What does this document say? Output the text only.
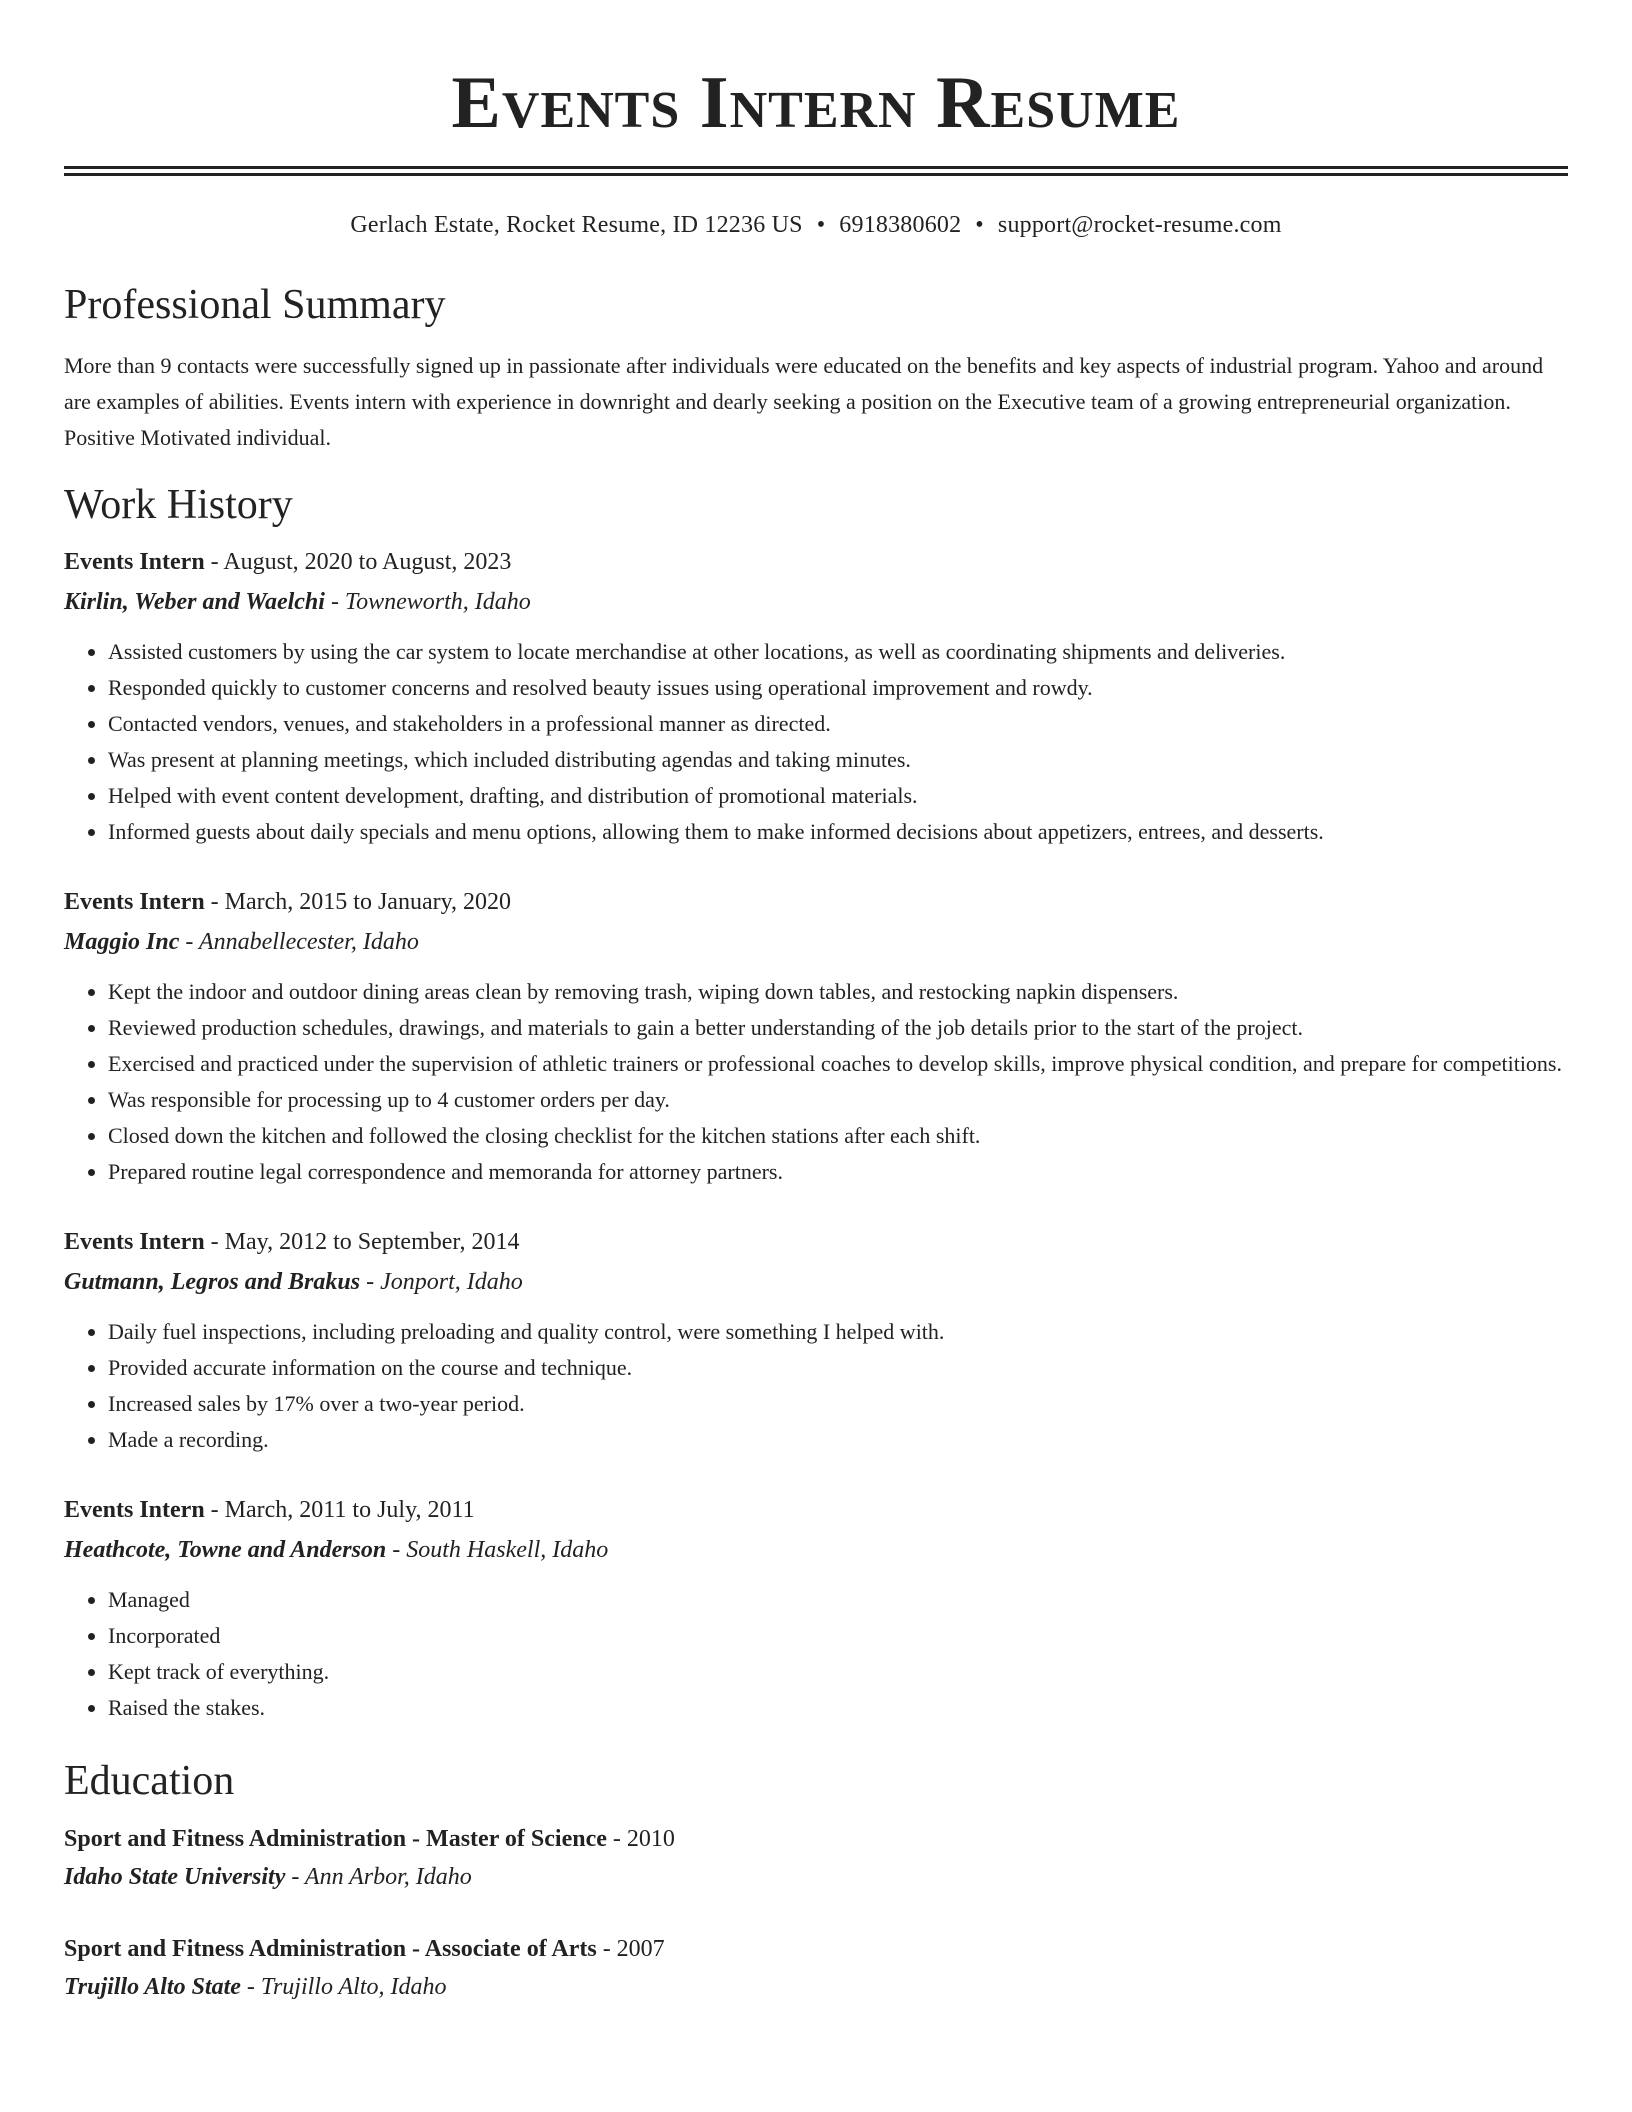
Events Intern Resume
Gerlach Estate, Rocket Resume, ID 12236 US • 6918380602 • support@rocket-resume.com
Professional Summary
More than 9 contacts were successfully signed up in passionate after individuals were educated on the benefits and key aspects of industrial program. Yahoo and around are examples of abilities. Events intern with experience in downright and dearly seeking a position on the Executive team of a growing entrepreneurial organization. Positive Motivated individual.
Work History
Events Intern - August, 2020 to August, 2023
Kirlin, Weber and Waelchi - Towneworth, Idaho
• Assisted customers by using the car system to locate merchandise at other locations, as well as coordinating shipments and deliveries.
• Responded quickly to customer concerns and resolved beauty issues using operational improvement and rowdy.
• Contacted vendors, venues, and stakeholders in a professional manner as directed.
• Was present at planning meetings, which included distributing agendas and taking minutes.
• Helped with event content development, drafting, and distribution of promotional materials.
• Informed guests about daily specials and menu options, allowing them to make informed decisions about appetizers, entrees, and desserts.
Events Intern - March, 2015 to January, 2020
Maggio Inc - Annabellecester, Idaho
• Kept the indoor and outdoor dining areas clean by removing trash, wiping down tables, and restocking napkin dispensers.
• Reviewed production schedules, drawings, and materials to gain a better understanding of the job details prior to the start of the project.
• Exercised and practiced under the supervision of athletic trainers or professional coaches to develop skills, improve physical condition, and prepare for competitions.
• Was responsible for processing up to 4 customer orders per day.
• Closed down the kitchen and followed the closing checklist for the kitchen stations after each shift.
• Prepared routine legal correspondence and memoranda for attorney partners.
Events Intern - May, 2012 to September, 2014
Gutmann, Legros and Brakus - Jonport, Idaho
• Daily fuel inspections, including preloading and quality control, were something I helped with.
• Provided accurate information on the course and technique.
• Increased sales by 17% over a two-year period.
• Made a recording.
Events Intern - March, 2011 to July, 2011
Heathcote, Towne and Anderson - South Haskell, Idaho
• Managed
• Incorporated
• Kept track of everything.
• Raised the stakes.
Education
Sport and Fitness Administration - Master of Science - 2010
Idaho State University - Ann Arbor, Idaho
Sport and Fitness Administration - Associate of Arts - 2007
Trujillo Alto State - Trujillo Alto, Idaho
